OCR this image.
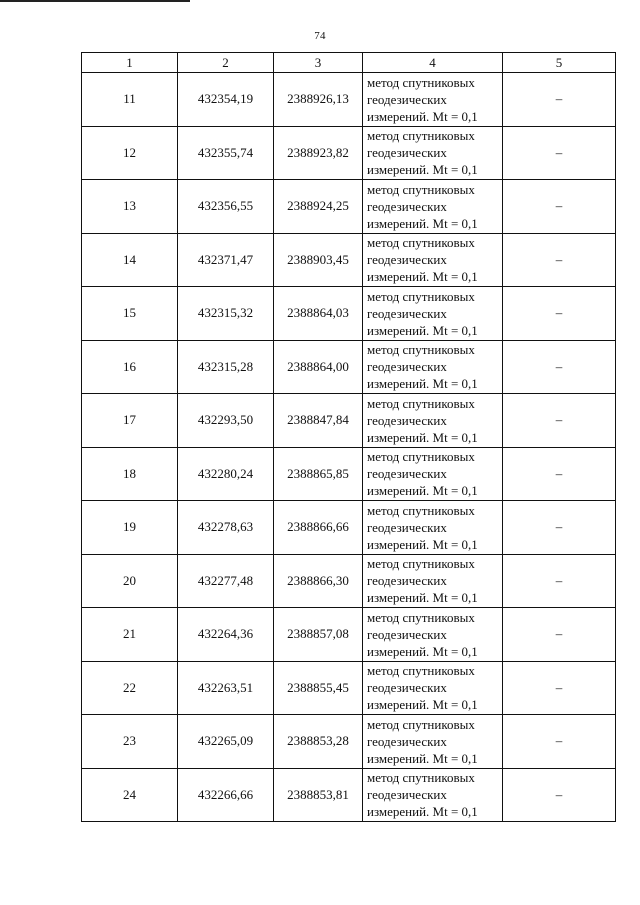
74
1	2	3	4	5
11	432354,19	2388926,13	метод спутниковых
геодезических
измерений. Mt = 0,1	–
12	432355,74	2388923,82	метод спутниковых
геодезических
измерений. Mt = 0,1	–
13	432356,55	2388924,25	метод спутниковых
геодезических
измерений. Mt = 0,1	–
14	432371,47	2388903,45	метод спутниковых
геодезических
измерений. Mt = 0,1	–
15	432315,32	2388864,03	метод спутниковых
геодезических
измерений. Mt = 0,1	–
16	432315,28	2388864,00	метод спутниковых
геодезических
измерений. Mt = 0,1	–
17	432293,50	2388847,84	метод спутниковых
геодезических
измерений. Mt = 0,1	–
18	432280,24	2388865,85	метод спутниковых
геодезических
измерений. Mt = 0,1	–
19	432278,63	2388866,66	метод спутниковых
геодезических
измерений. Mt = 0,1	–
20	432277,48	2388866,30	метод спутниковых
геодезических
измерений. Mt = 0,1	–
21	432264,36	2388857,08	метод спутниковых
геодезических
измерений. Mt = 0,1	–
22	432263,51	2388855,45	метод спутниковых
геодезических
измерений. Mt = 0,1	–
23	432265,09	2388853,28	метод спутниковых
геодезических
измерений. Mt = 0,1	–
24	432266,66	2388853,81	метод спутниковых
геодезических
измерений. Mt = 0,1	–
